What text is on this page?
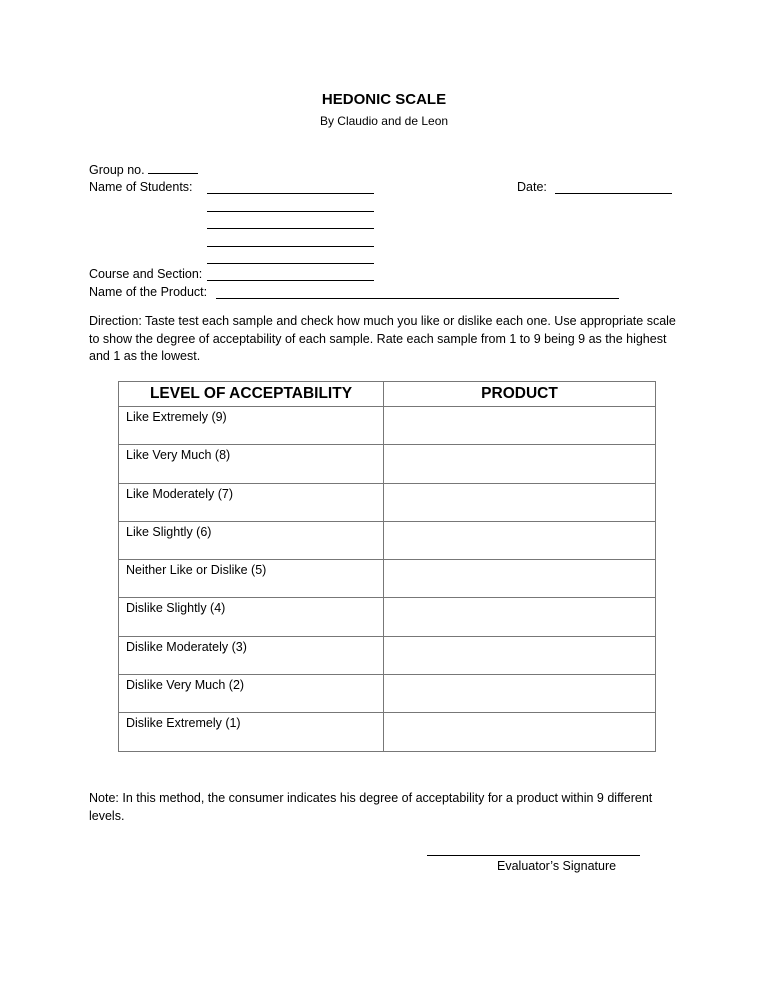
HEDONIC SCALE
By Claudio and de Leon
Group no.
Name of Students:	Date:
Course and Section:
Name of the Product:
Direction: Taste test each sample and check how much you like or dislike each one. Use appropriate scale to show the degree of acceptability of each sample. Rate each sample from 1 to 9 being 9 as the highest and 1 as the lowest.
LEVEL OF ACCEPTABILITY	PRODUCT
Like Extremely (9)	
Like Very Much (8)	
Like Moderately (7)	
Like Slightly (6)	
Neither Like or Dislike (5)	
Dislike Slightly (4)	
Dislike Moderately (3)	
Dislike Very Much (2)	
Dislike Extremely (1)	
Note: In this method, the consumer indicates his degree of acceptability for a product within 9 different levels.
Evaluator’s Signature
